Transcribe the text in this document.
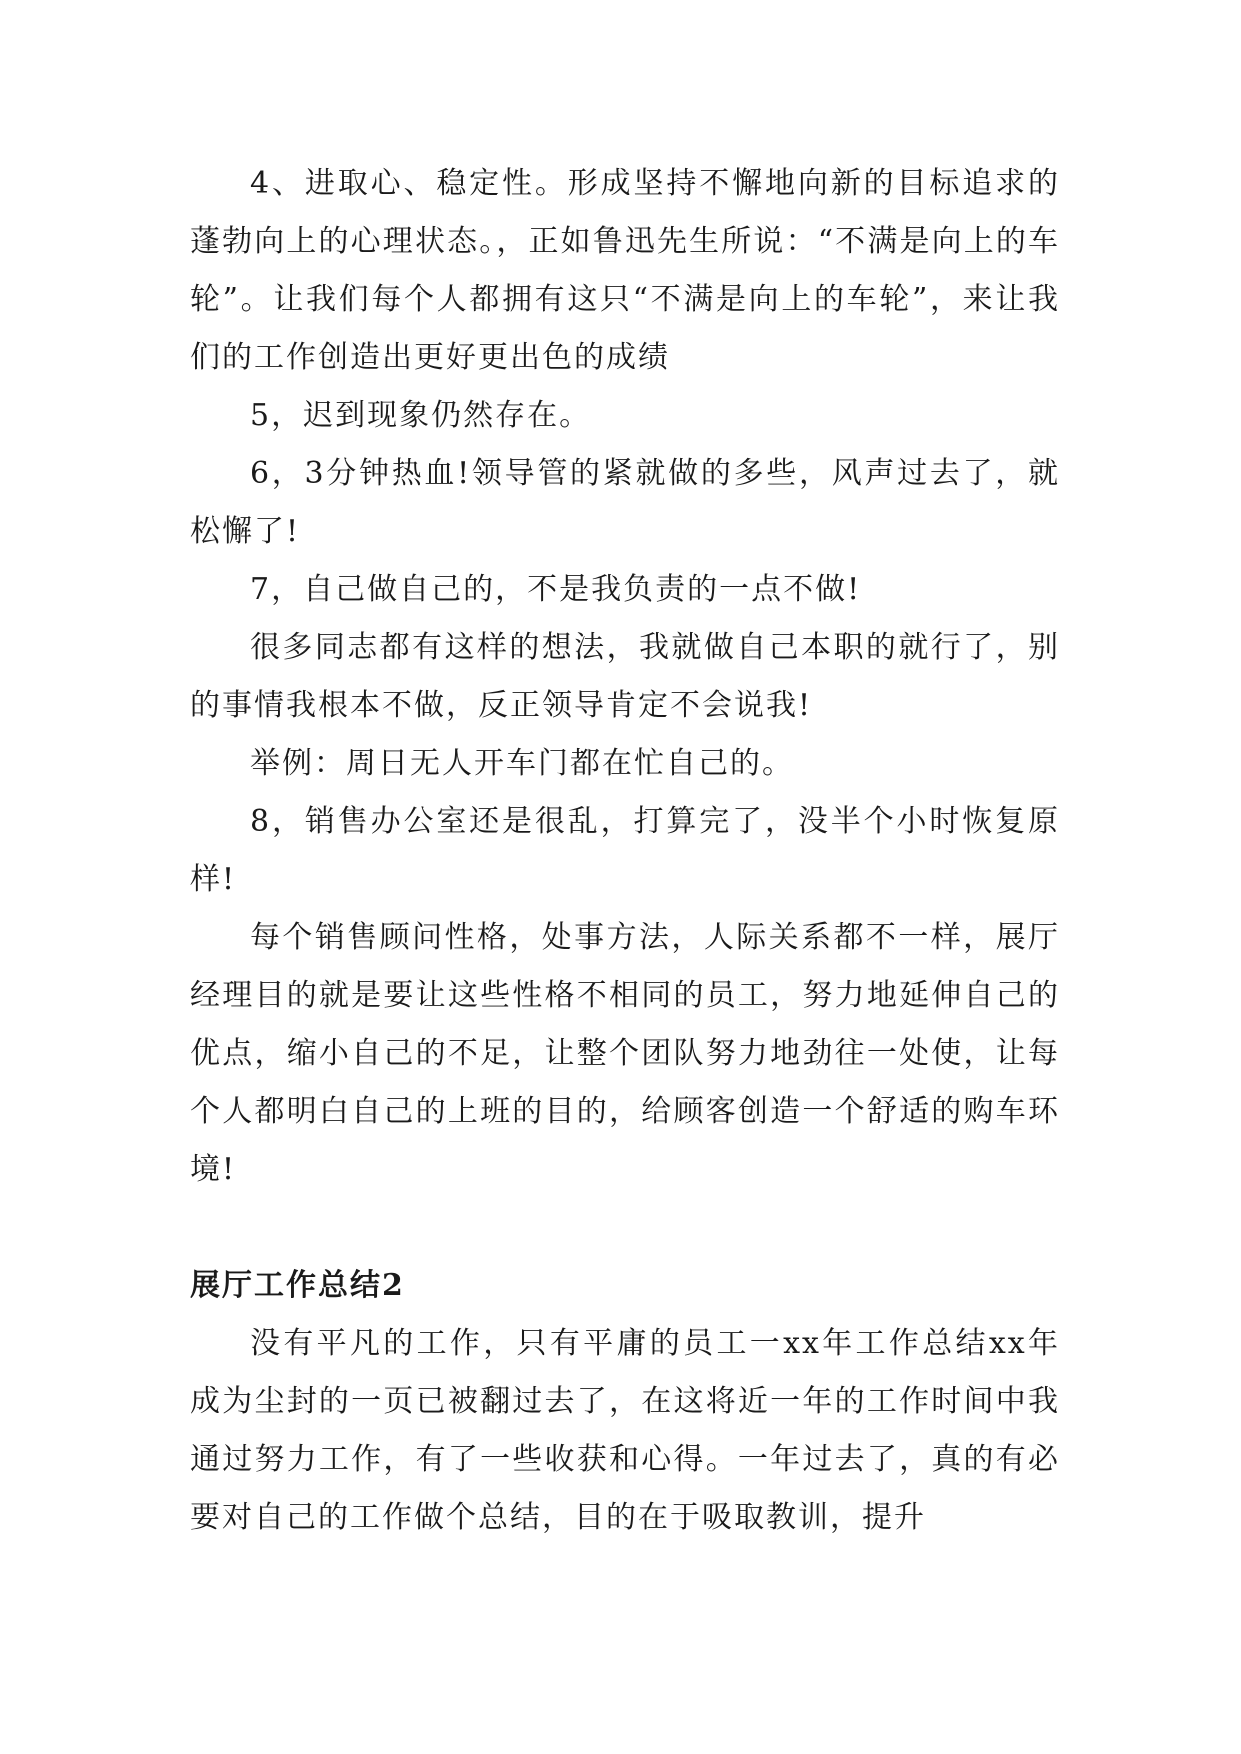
4、进取心、稳定性。形成坚持不懈地向新的目标追求的蓬勃向上的心理状态。，正如鲁迅先生所说：“不满是向上的车轮”。让我们每个人都拥有这只“不满是向上的车轮”，来让我们的工作创造出更好更出色的成绩

5，迟到现象仍然存在。

6，3分钟热血!领导管的紧就做的多些，风声过去了，就松懈了!

7，自己做自己的，不是我负责的一点不做!

很多同志都有这样的想法，我就做自己本职的就行了，别的事情我根本不做，反正领导肯定不会说我!

举例：周日无人开车门都在忙自己的。

8，销售办公室还是很乱，打算完了，没半个小时恢复原样!

每个销售顾问性格，处事方法，人际关系都不一样，展厅经理目的就是要让这些性格不相同的员工，努力地延伸自己的优点，缩小自己的不足，让整个团队努力地劲往一处使，让每个人都明白自己的上班的目的，给顾客创造一个舒适的购车环境!

展厅工作总结2

没有平凡的工作，只有平庸的员工一xx年工作总结xx年成为尘封的一页已被翻过去了，在这将近一年的工作时间中我通过努力工作，有了一些收获和心得。一年过去了，真的有必要对自己的工作做个总结，目的在于吸取教训，提升
